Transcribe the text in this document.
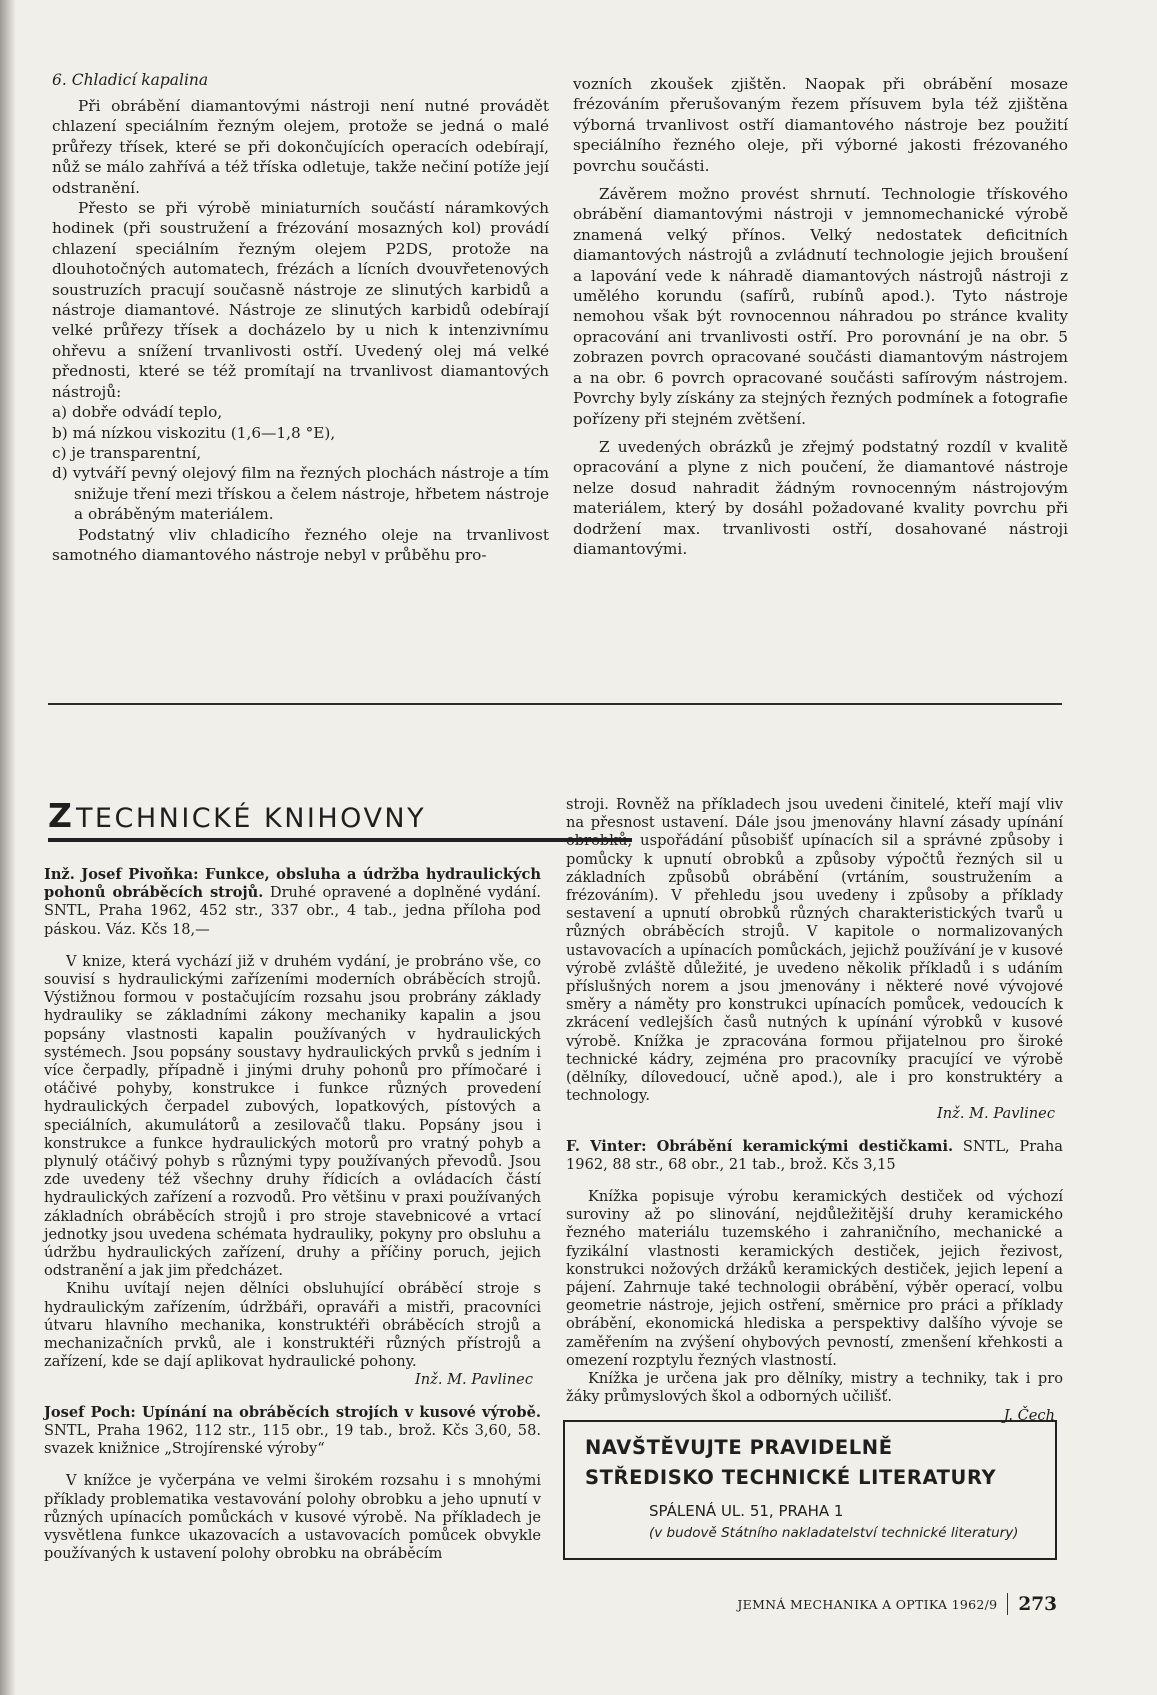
6. Chladicí kapalina

Při obrábění diamantovými nástroji není nutné provádět chlazení speciálním řezným olejem, protože se jedná o malé průřezy třísek, které se při dokončujících operacích odebírají, nůž se málo zahřívá a též tříska odletuje, takže nečiní potíže její odstranění.

Přesto se při výrobě miniaturních součástí náramkových hodinek (při soustružení a frézování mosazných kol) provádí chlazení speciálním řezným olejem P2DS, protože na dlouhotočných automatech, frézách a lícních dvouvřetenových soustruzích pracují současně nástroje ze slinutých karbidů a nástroje diamantové. Nástroje ze slinutých karbidů odebírají velké průřezy třísek a docházelo by u nich k intenzivnímu ohřevu a snížení trvanlivosti ostří. Uvedený olej má velké přednosti, které se též promítají na trvanlivost diamantových nástrojů:

a) dobře odvádí teplo,
b) má nízkou viskozitu (1,6—1,8 °E),
c) je transparentní,
d) vytváří pevný olejový film na řezných plochách nástroje a tím snižuje tření mezi třískou a čelem nástroje, hřbetem nástroje a obráběným materiálem.

Podstatný vliv chladicího řezného oleje na trvanlivost samotného diamantového nástroje nebyl v průběhu pro-

vozních zkoušek zjištěn. Naopak při obrábění mosaze frézováním přerušovaným řezem přísuvem byla též zjištěna výborná trvanlivost ostří diamantového nástroje bez použití speciálního řezného oleje, při výborné jakosti frézovaného povrchu součásti.

Závěrem možno provést shrnutí. Technologie třískového obrábění diamantovými nástroji v jemnomechanické výrobě znamená velký přínos. Velký nedostatek deficitních diamantových nástrojů a zvládnutí technologie jejich broušení a lapování vede k náhradě diamantových nástrojů nástroji z umělého korundu (safírů, rubínů apod.). Tyto nástroje nemohou však být rovnocennou náhradou po stránce kvality opracování ani trvanlivosti ostří. Pro porovnání je na obr. 5 zobrazen povrch opracované součásti diamantovým nástrojem a na obr. 6 povrch opracované součásti safírovým nástrojem. Povrchy byly získány za stejných řezných podmínek a fotografie pořízeny při stejném zvětšení.

Z uvedených obrázků je zřejmý podstatný rozdíl v kvalitě opracování a plyne z nich poučení, že diamantové nástroje nelze dosud nahradit žádným rovnocenným nástrojovým materiálem, který by dosáhl požadované kvality povrchu při dodržení max. trvanlivosti ostří, dosahované nástroji diamantovými.

Z TECHNICKÉ KNIHOVNY

Inž. Josef Pivoňka: Funkce, obsluha a údržba hydraulických pohonů obráběcích strojů. Druhé opravené a doplněné vydání. SNTL, Praha 1962, 452 str., 337 obr., 4 tab., jedna příloha pod páskou. Váz. Kčs 18,—

V knize, která vychází již v druhém vydání, je probráno vše, co souvisí s hydraulickými zařízeními moderních obráběcích strojů. Výstižnou formou v postačujícím rozsahu jsou probrány základy hydrauliky se základními zákony mechaniky kapalin a jsou popsány vlastnosti kapalin používaných v hydraulických systémech. Jsou popsány soustavy hydraulických prvků s jedním i více čerpadly, případně i jinými druhy pohonů pro přímočaré i otáčivé pohyby, konstrukce i funkce různých provedení hydraulických čerpadel zubových, lopatkových, pístových a speciálních, akumulátorů a zesilovačů tlaku. Popsány jsou i konstrukce a funkce hydraulických motorů pro vratný pohyb a plynulý otáčivý pohyb s různými typy používaných převodů. Jsou zde uvedeny též všechny druhy řídicích a ovládacích částí hydraulických zařízení a rozvodů. Pro většinu v praxi používaných základních obráběcích strojů i pro stroje stavebnicové a vrtací jednotky jsou uvedena schémata hydrauliky, pokyny pro obsluhu a údržbu hydraulických zařízení, druhy a příčiny poruch, jejich odstranění a jak jim předcházet.

Knihu uvítají nejen dělníci obsluhující obráběcí stroje s hydraulickým zařízením, údržbáři, opraváři a mistři, pracovníci útvaru hlavního mechanika, konstruktéři obráběcích strojů a mechanizačních prvků, ale i konstruktéři různých přístrojů a zařízení, kde se dají aplikovat hydraulické pohony.

Inž. M. Pavlinec

Josef Poch: Upínání na obráběcích strojích v kusové výrobě. SNTL, Praha 1962, 112 str., 115 obr., 19 tab., brož. Kčs 3,60, 58. svazek knižnice „Strojírenské výroby“

V knížce je vyčerpána ve velmi širokém rozsahu i s mnohými příklady problematika vestavování polohy obrobku a jeho upnutí v různých upínacích pomůckách v kusové výrobě. Na příkladech je vysvětlena funkce ukazovacích a ustavovacích pomůcek obvykle používaných k ustavení polohy obrobku na obráběcím

stroji. Rovněž na příkladech jsou uvedeni činitelé, kteří mají vliv na přesnost ustavení. Dále jsou jmenovány hlavní zásady upínání obrobků, uspořádání působišť upínacích sil a správné způsoby i pomůcky k upnutí obrobků a způsoby výpočtů řezných sil u základních způsobů obrábění (vrtáním, soustružením a frézováním). V přehledu jsou uvedeny i způsoby a příklady sestavení a upnutí obrobků různých charakteristických tvarů u různých obráběcích strojů. V kapitole o normalizovaných ustavovacích a upínacích pomůckách, jejichž používání je v kusové výrobě zvláště důležité, je uvedeno několik příkladů i s udáním příslušných norem a jsou jmenovány i některé nové vývojové směry a náměty pro konstrukci upínacích pomůcek, vedoucích k zkrácení vedlejších časů nutných k upínání výrobků v kusové výrobě. Knížka je zpracována formou přijatelnou pro široké technické kádry, zejména pro pracovníky pracující ve výrobě (dělníky, dílovedoucí, učně apod.), ale i pro konstruktéry a technology.

Inž. M. Pavlinec

F. Vinter: Obrábění keramickými destičkami. SNTL, Praha 1962, 88 str., 68 obr., 21 tab., brož. Kčs 3,15

Knížka popisuje výrobu keramických destiček od výchozí suroviny až po slinování, nejdůležitější druhy keramického řezného materiálu tuzemského i zahraničního, mechanické a fyzikální vlastnosti keramických destiček, jejich řezivost, konstrukci nožových držáků keramických destiček, jejich lepení a pájení. Zahrnuje také technologii obrábění, výběr operací, volbu geometrie nástroje, jejich ostření, směrnice pro práci a příklady obrábění, ekonomická hlediska a perspektivy dalšího vývoje se zaměřením na zvýšení ohybových pevností, zmenšení křehkosti a omezení rozptylu řezných vlastností.

Knížka je určena jak pro dělníky, mistry a techniky, tak i pro žáky průmyslových škol a odborných učilišť.

J. Čech

NAVŠTĚVUJTE PRAVIDELNĚ
STŘEDISKO TECHNICKÉ LITERATURY
SPÁLENÁ UL. 51, PRAHA 1
(v budově Státního nakladatelství technické literatury)
JEMNÁ MECHANIKA A OPTIKA 1962/9 273
